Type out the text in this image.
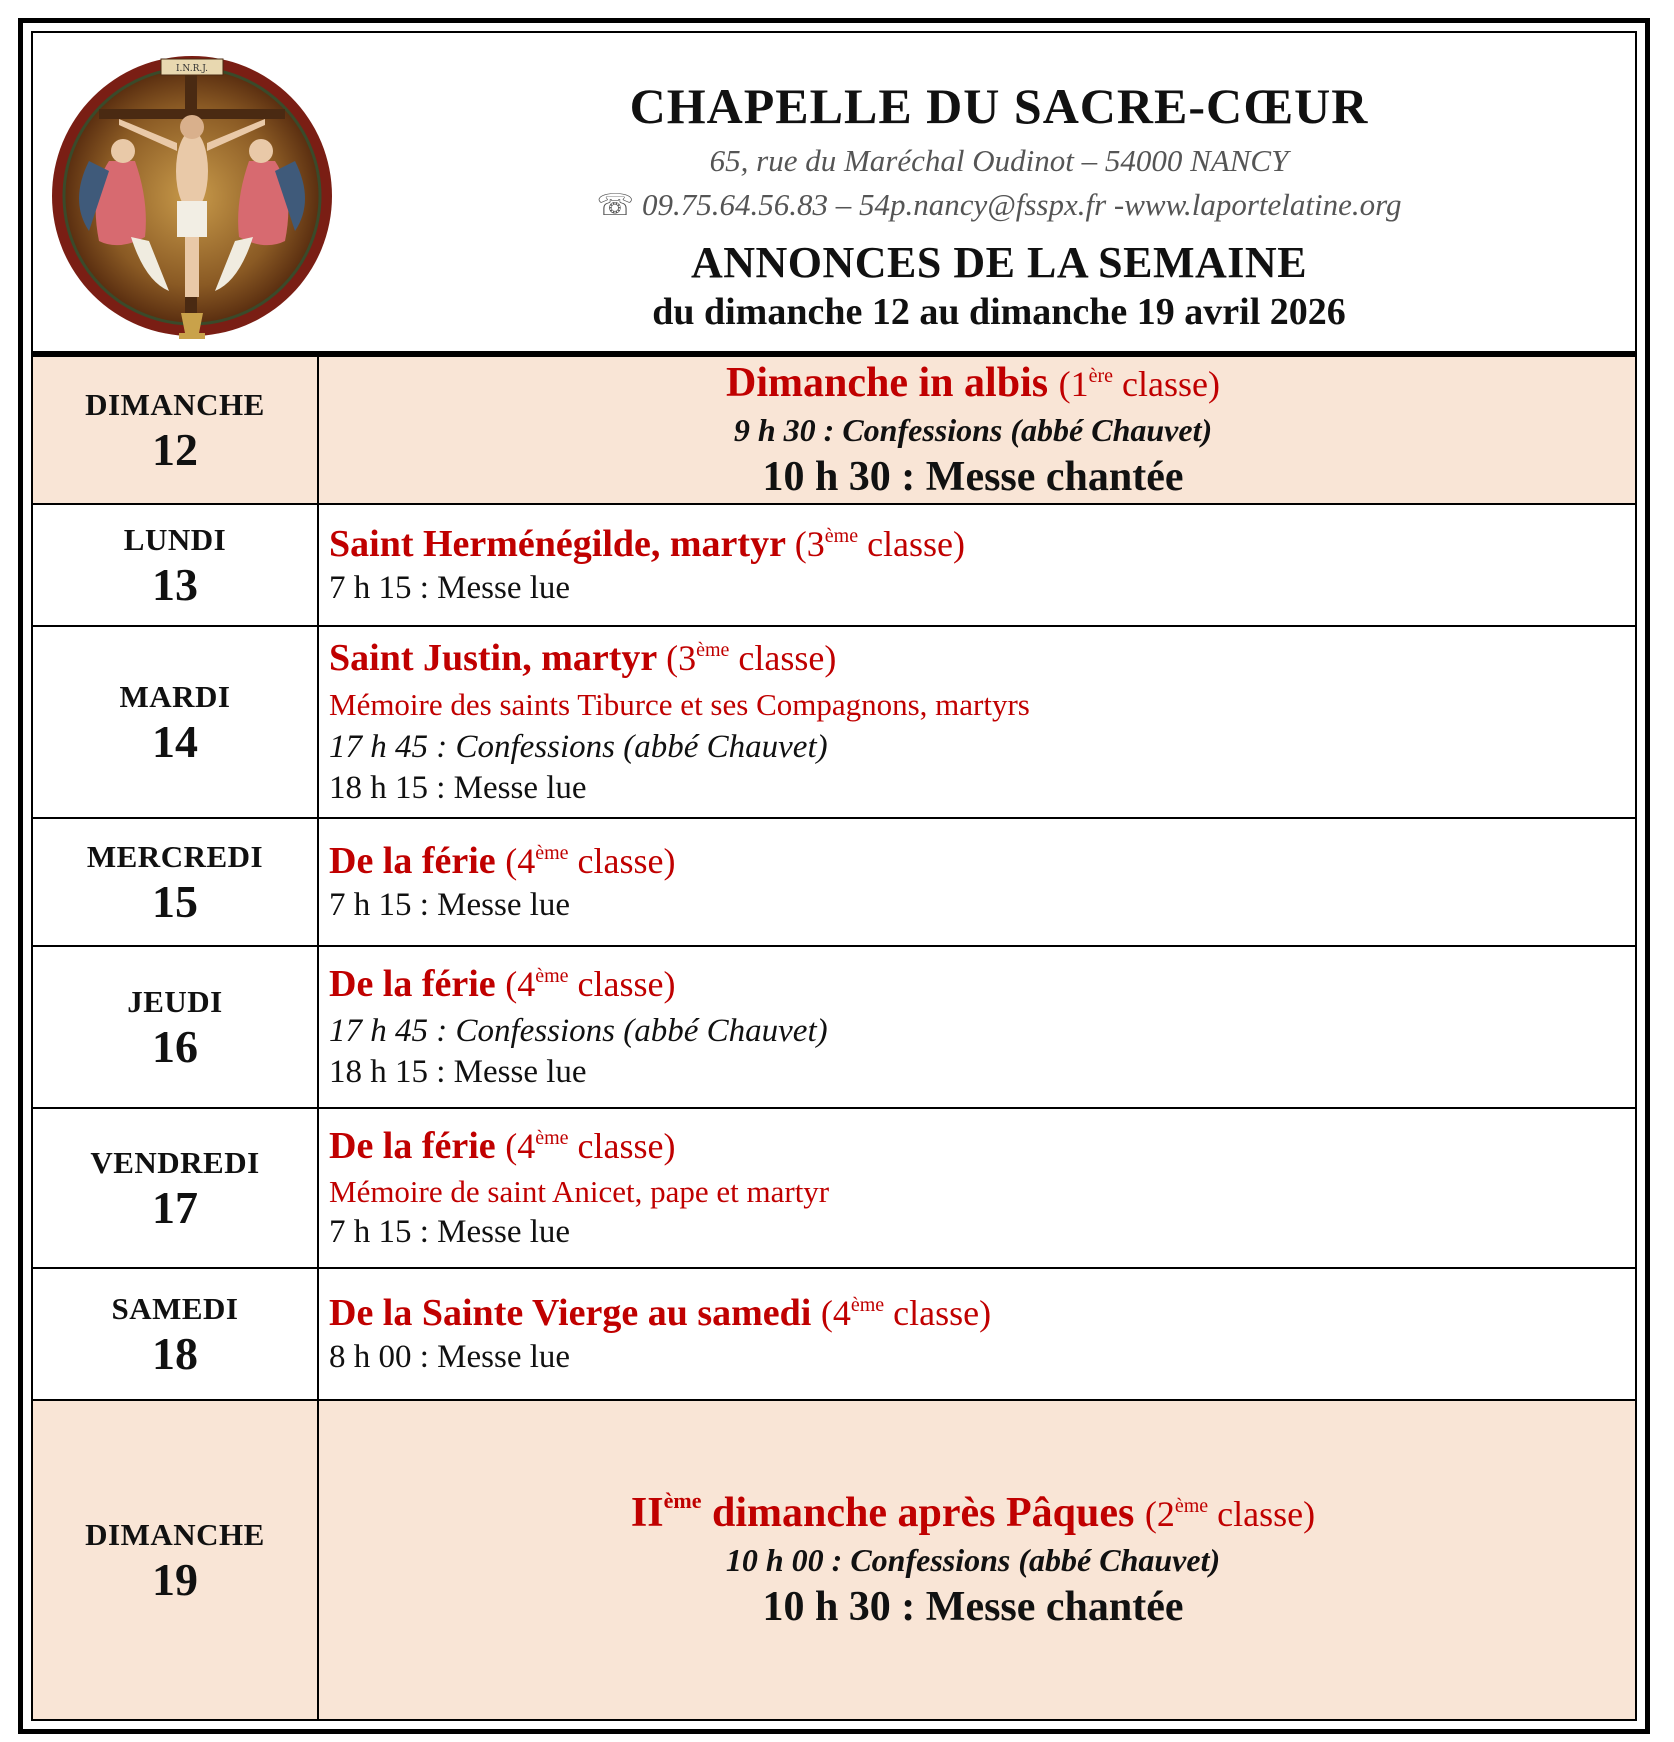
I.N.R.J.
CHAPELLE DU SACRE-CŒUR
65, rue du Maréchal Oudinot – 54000 NANCY
☏ 09.75.64.56.83 – 54p.nancy@fsspx.fr -www.laportelatine.org
ANNONCES DE LA SEMAINE
du dimanche 12 au dimanche 19 avril 2026
DIMANCHE
12
Dimanche in albis (1ère classe)
9 h 30 : Confessions (abbé Chauvet)
10 h 30 : Messe chantée
LUNDI
13
Saint Herménégilde, martyr (3ème classe)
7 h 15 : Messe lue
MARDI
14
Saint Justin, martyr (3ème classe)
Mémoire des saints Tiburce et ses Compagnons, martyrs
17 h 45 : Confessions (abbé Chauvet)
18 h 15 : Messe lue
MERCREDI
15
De la férie (4ème classe)
7 h 15 : Messe lue
JEUDI
16
De la férie (4ème classe)
17 h 45 : Confessions (abbé Chauvet)
18 h 15 : Messe lue
VENDREDI
17
De la férie (4ème classe)
Mémoire de saint Anicet, pape et martyr
7 h 15 : Messe lue
SAMEDI
18
De la Sainte Vierge au samedi (4ème classe)
8 h 00 : Messe lue
DIMANCHE
19
IIème dimanche après Pâques (2ème classe)
10 h 00 : Confessions (abbé Chauvet)
10 h 30 : Messe chantée
